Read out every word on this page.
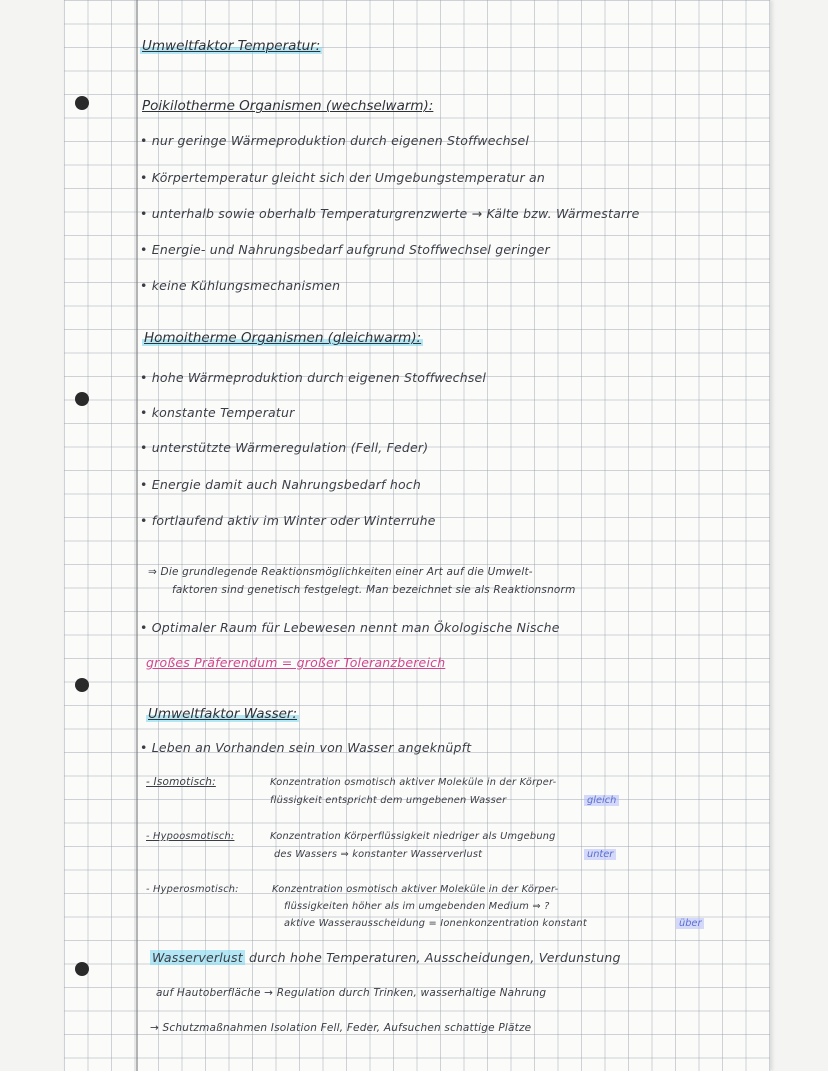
Umweltfaktor Temperatur:
Poikilotherme Organismen (wechselwarm):
• nur geringe Wärmeproduktion durch eigenen Stoffwechsel
• Körpertemperatur gleicht sich der Umgebungstemperatur an
• unterhalb sowie oberhalb Temperaturgrenzwerte → Kälte bzw. Wärmestarre
• Energie- und Nahrungsbedarf aufgrund Stoffwechsel geringer
• keine Kühlungsmechanismen
Homoitherme Organismen (gleichwarm):
• hohe Wärmeproduktion durch eigenen Stoffwechsel
• konstante Temperatur
• unterstützte Wärmeregulation (Fell, Feder)
• Energie damit auch Nahrungsbedarf hoch
• fortlaufend aktiv im Winter oder Winterruhe
⇒ Die grundlegende Reaktionsmöglichkeiten einer Art auf die Umwelt-
faktoren sind genetisch festgelegt. Man bezeichnet sie als Reaktionsnorm
• Optimaler Raum für Lebewesen nennt man Ökologische Nische
großes Präferendum = großer Toleranzbereich
Umweltfaktor Wasser:
• Leben an Vorhanden sein von Wasser angeknüpft
- Isomotisch:	Konzentration osmotisch aktiver Moleküle in der Körper-
flüssigkeit entspricht dem umgebenen Wasser	gleich
- Hypoosmotisch:	Konzentration Körperflüssigkeit niedriger als Umgebung
des Wassers ⇒ konstanter Wasserverlust	unter
- Hyperosmotisch:	Konzentration osmotisch aktiver Moleküle in der Körper-
flüssigkeiten höher als im umgebenden Medium ⇒ ?
aktive Wasserausscheidung = Ionenkonzentration konstant	über
Wasserverlust durch hohe Temperaturen, Ausscheidungen, Verdunstung
auf Hautoberfläche → Regulation durch Trinken, wasserhaltige Nahrung
→ Schutzmaßnahmen Isolation Fell, Feder, Aufsuchen schattige Plätze
